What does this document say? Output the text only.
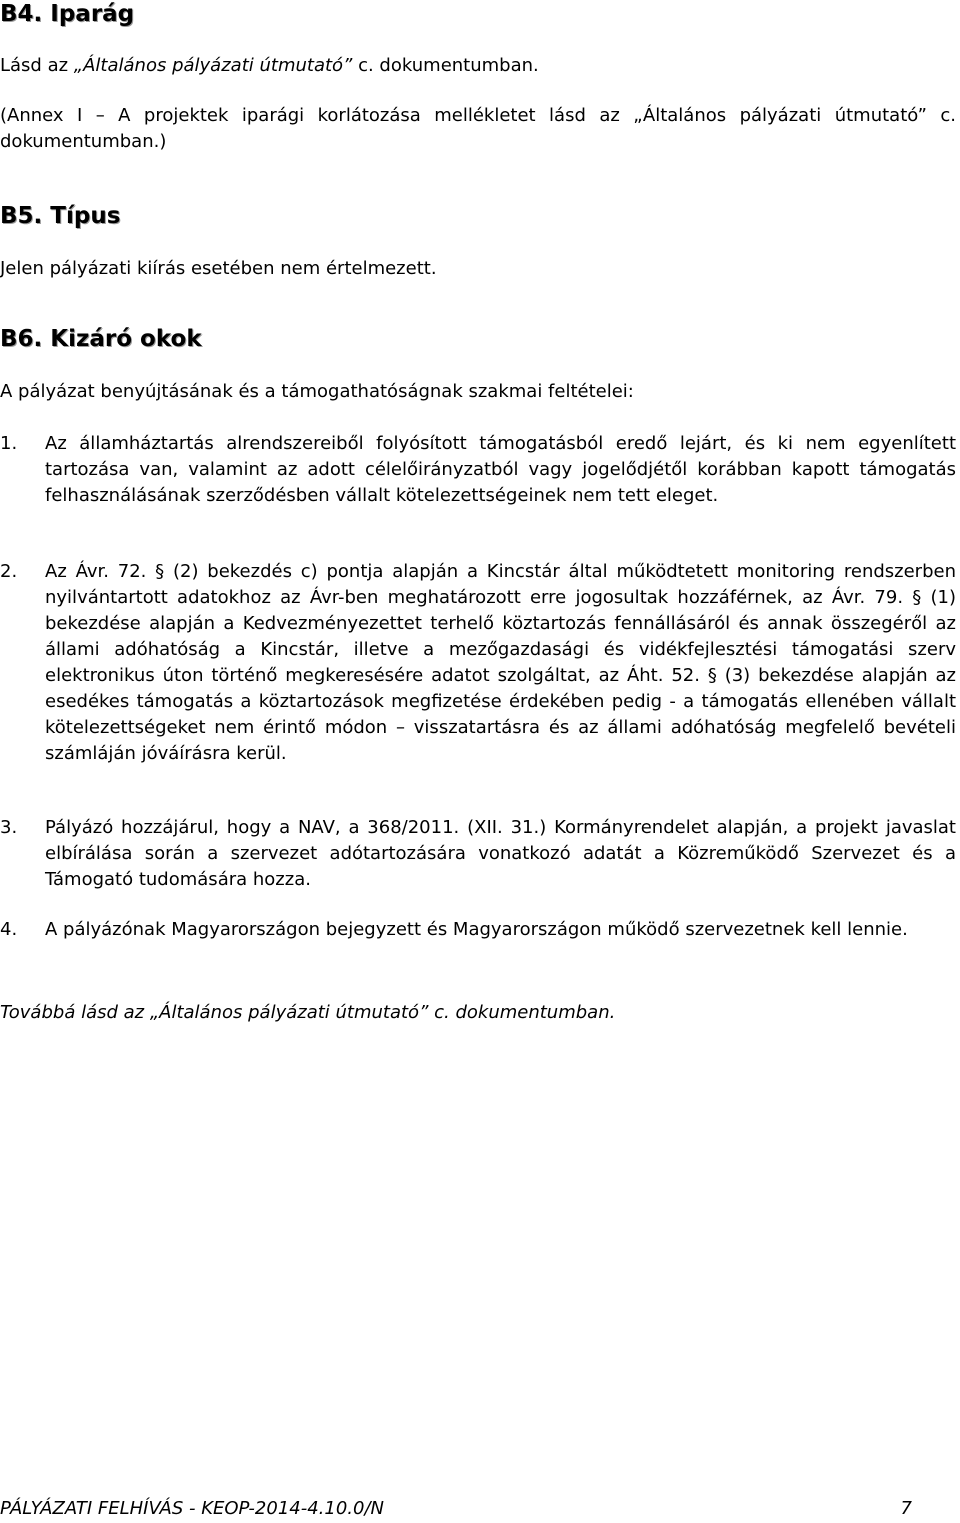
B4. Iparág

Lásd az „Általános pályázati útmutató” c. dokumentumban.

(Annex I – A projektek iparági korlátozása mellékletet lásd az „Általános pályázati útmutató” c. dokumentumban.)

B5. Típus

Jelen pályázati kiírás esetében nem értelmezett.

B6. Kizáró okok

A pályázat benyújtásának és a támogathatóságnak szakmai feltételei:

1.	Az államháztartás alrendszereiből folyósított támogatásból eredő lejárt, és ki nem egyenlített tartozása van, valamint az adott célelőirányzatból vagy jogelődjétől korábban kapott támogatás felhasználásának szerződésben vállalt kötelezettségeinek nem tett eleget.
2.	Az Ávr. 72. § (2) bekezdés c) pontja alapján a Kincstár által működtetett monitoring rendszerben nyilvántartott adatokhoz az Ávr-ben meghatározott erre jogosultak hozzáférnek, az Ávr. 79. § (1) bekezdése alapján a Kedvezményezettet terhelő köztartozás fennállásáról és annak összegéről az állami adóhatóság a Kincstár, illetve a mezőgazdasági és vidékfejlesztési támogatási szerv elektronikus úton történő megkeresésére adatot szolgáltat, az Áht. 52. § (3) bekezdése alapján az esedékes támogatás a köztartozások megfizetése érdekében pedig - a támogatás ellenében vállalt kötelezettségeket nem érintő módon – visszatartásra és az állami adóhatóság megfelelő bevételi számláján jóváírásra kerül.
3.	Pályázó hozzájárul, hogy a NAV, a 368/2011. (XII. 31.) Kormányrendelet alapján, a projekt javaslat elbírálása során a szervezet adótartozására vonatkozó adatát a Közreműködő Szervezet és a Támogató tudomására hozza.
4.	A pályázónak Magyarországon bejegyzett és Magyarországon működő szervezetnek kell lennie.

Továbbá lásd az „Általános pályázati útmutató” c. dokumentumban.

PÁLYÁZATI FELHÍVÁS - KEOP-2014-4.10.0/N	7
